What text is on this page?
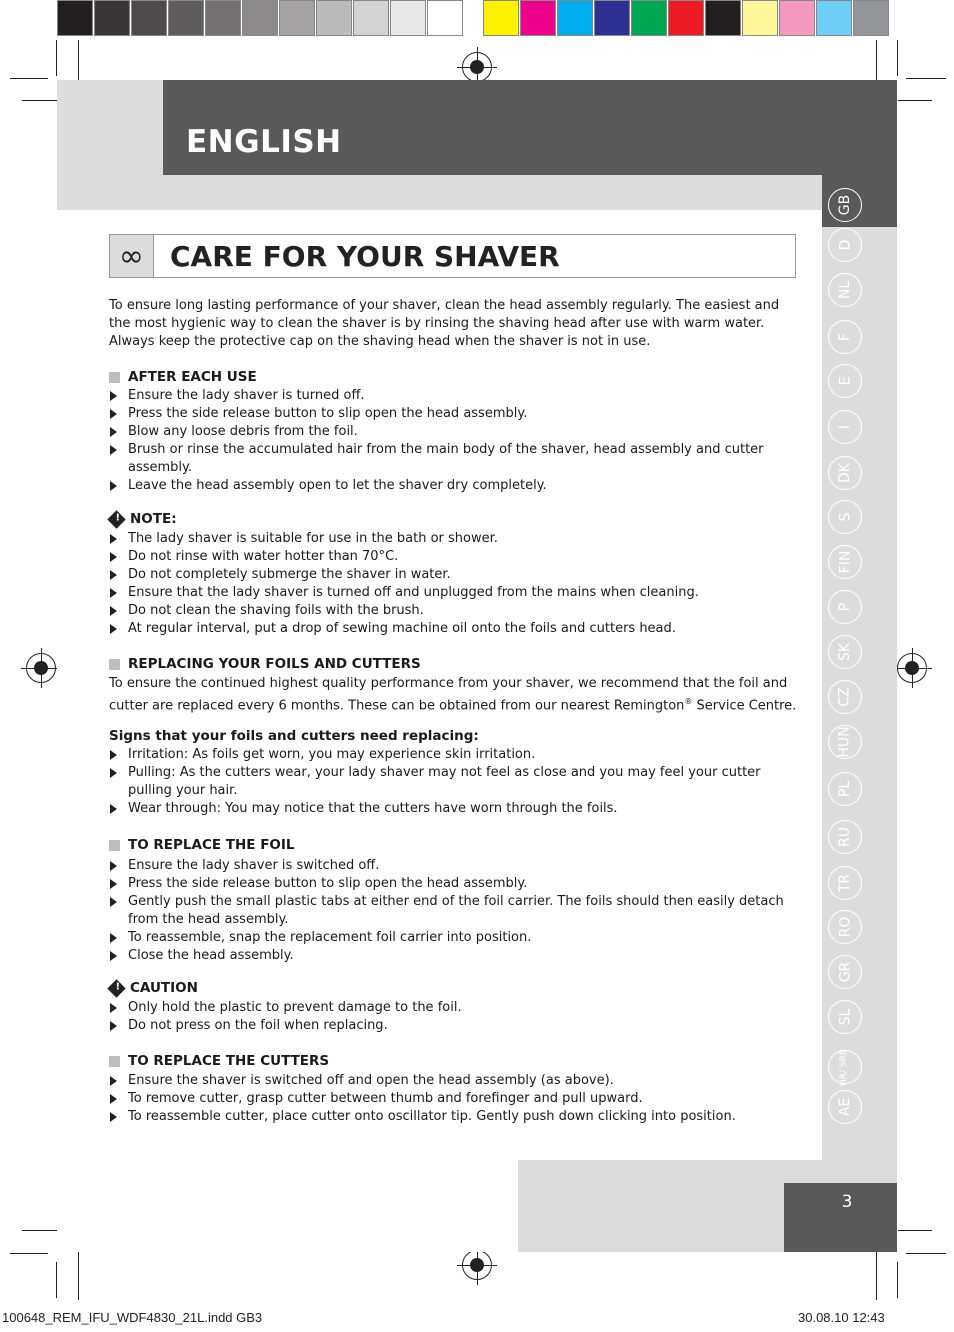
ENGLISH
3
GB
D
NL
F
E
I
DK
S
FIN
P
SK
CZ
HUN
PL
RU
TR
RO
GR
SL
HR/ SRB
AE
∞ CARE FOR YOUR SHAVER
To ensure long lasting performance of your shaver, clean the head assembly regularly. The easiest and the most hygienic way to clean the shaver is by rinsing the shaving head after use with warm water. Always keep the protective cap on the shaving head when the shaver is not in use.
AFTER EACH USE
Ensure the lady shaver is turned off.
Press the side release button to slip open the head assembly.
Blow any loose debris from the foil.
Brush or rinse the accumulated hair from the main body of the shaver, head assembly and cutter assembly.
Leave the head assembly open to let the shaver dry completely.
!
NOTE:
The lady shaver is suitable for use in the bath or shower.
Do not rinse with water hotter than 70°C.
Do not completely submerge the shaver in water.
Ensure that the lady shaver is turned off and unplugged from the mains when cleaning.
Do not clean the shaving foils with the brush.
At regular interval, put a drop of sewing machine oil onto the foils and cutters head.
REPLACING YOUR FOILS AND CUTTERS
To ensure the continued highest quality performance from your shaver, we recommend that the foil and cutter are replaced every 6 months. These can be obtained from our nearest Remington® Service Centre.
Signs that your foils and cutters need replacing:
Irritation: As foils get worn, you may experience skin irritation.
Pulling: As the cutters wear, your lady shaver may not feel as close and you may feel your cutter pulling your hair.
Wear through: You may notice that the cutters have worn through the foils.
TO REPLACE THE FOIL
Ensure the lady shaver is switched off.
Press the side release button to slip open the head assembly.
Gently push the small plastic tabs at either end of the foil carrier. The foils should then easily detach from the head assembly.
To reassemble, snap the replacement foil carrier into position.
Close the head assembly.
!
CAUTION
Only hold the plastic to prevent damage to the foil.
Do not press on the foil when replacing.
TO REPLACE THE CUTTERS
Ensure the shaver is switched off and open the head assembly (as above).
To remove cutter, grasp cutter between thumb and forefinger and pull upward.
To reassemble cutter, place cutter onto oscillator tip. Gently push down clicking into position.
100648_REM_IFU_WDF4830_21L.indd GB3	30.08.10 12:43
